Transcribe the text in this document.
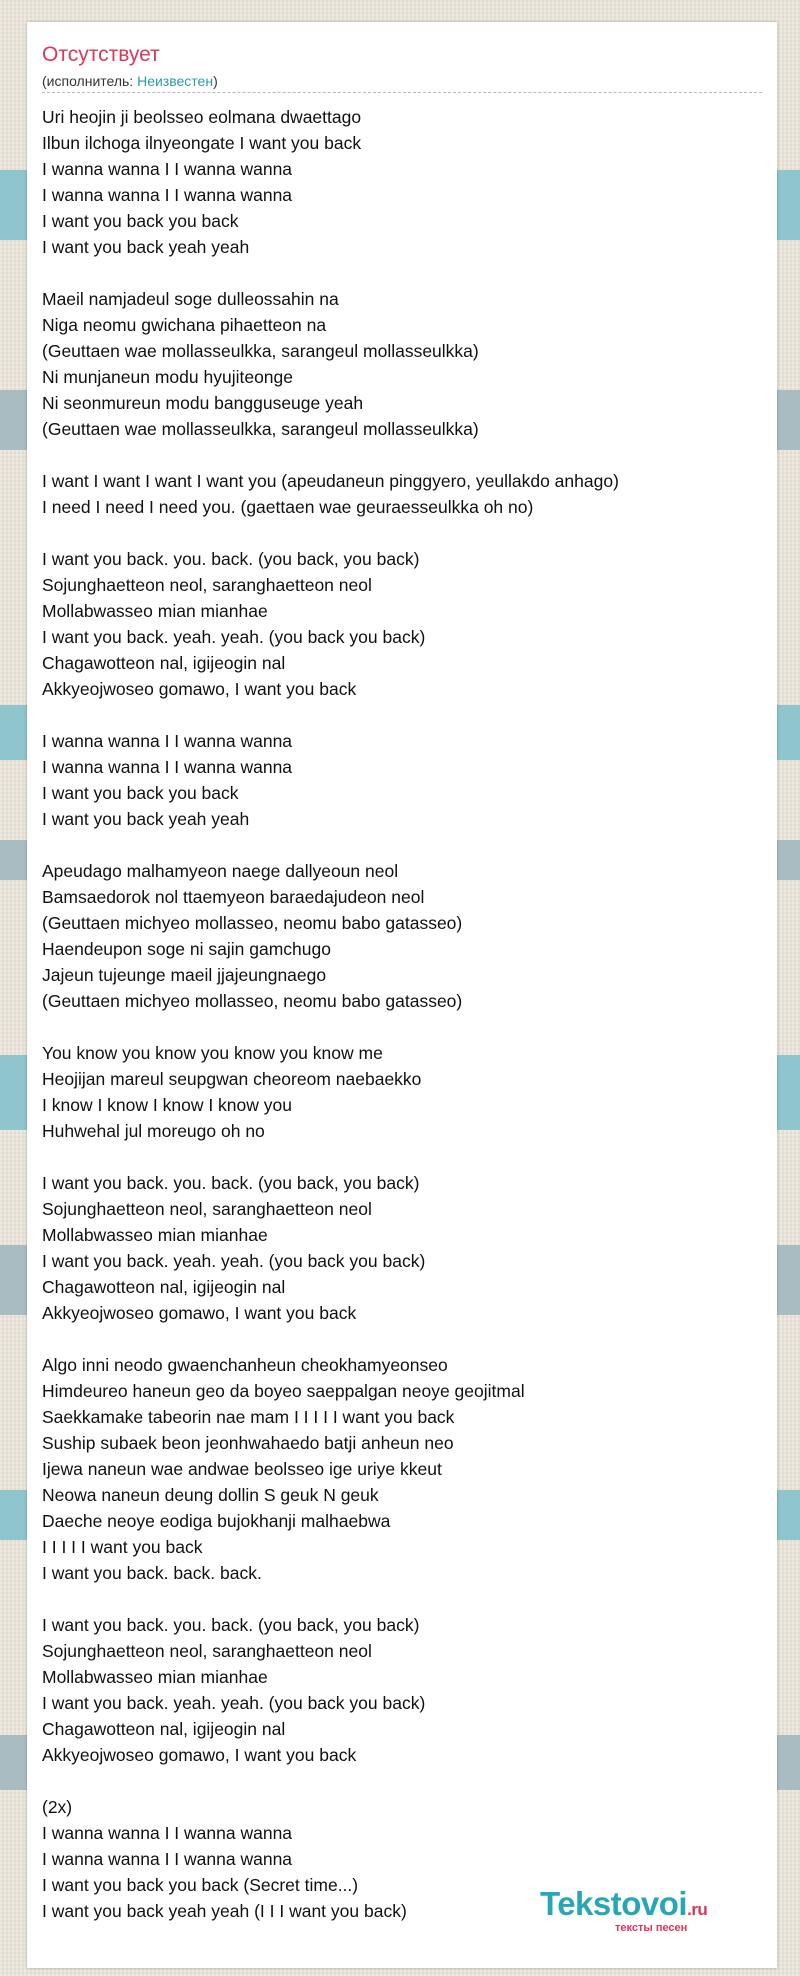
Отсутствует
(исполнитель: Неизвестен)
Uri heojin ji beolsseo eolmana dwaettago
Ilbun ilchoga ilnyeongate I want you back
I wanna wanna I I wanna wanna
I wanna wanna I I wanna wanna
I want you back you back
I want you back yeah yeah
Maeil namjadeul soge dulleossahin na
Niga neomu gwichana pihaetteon na
(Geuttaen wae mollasseulkka, sarangeul mollasseulkka)
Ni munjaneun modu hyujiteonge
Ni seonmureun modu bangguseuge yeah
(Geuttaen wae mollasseulkka, sarangeul mollasseulkka)
I want I want I want I want you (apeudaneun pinggyero, yeullakdo anhago)
I need I need I need you. (gaettaen wae geuraesseulkka oh no)
I want you back. you. back. (you back, you back)
Sojunghaetteon neol, saranghaetteon neol
Mollabwasseo mian mianhae
I want you back. yeah. yeah. (you back you back)
Chagawotteon nal, igijeogin nal
Akkyeojwoseo gomawo, I want you back
I wanna wanna I I wanna wanna
I wanna wanna I I wanna wanna
I want you back you back
I want you back yeah yeah
Apeudago malhamyeon naege dallyeoun neol
Bamsaedorok nol ttaemyeon baraedajudeon neol
(Geuttaen michyeo mollasseo, neomu babo gatasseo)
Haendeupon soge ni sajin gamchugo
Jajeun tujeunge maeil jjajeungnaego
(Geuttaen michyeo mollasseo, neomu babo gatasseo)
You know you know you know you know me
Heojijan mareul seupgwan cheoreom naebaekko
I know I know I know I know you
Huhwehal jul moreugo oh no
I want you back. you. back. (you back, you back)
Sojunghaetteon neol, saranghaetteon neol
Mollabwasseo mian mianhae
I want you back. yeah. yeah. (you back you back)
Chagawotteon nal, igijeogin nal
Akkyeojwoseo gomawo, I want you back
Algo inni neodo gwaenchanheun cheokhamyeonseo
Himdeureo haneun geo da boyeo saeppalgan neoye geojitmal
Saekkamake tabeorin nae mam I I I I I want you back
Suship subaek beon jeonhwahaedo batji anheun neo
Ijewa naneun wae andwae beolsseo ige uriye kkeut
Neowa naneun deung dollin S geuk N geuk
Daeche neoye eodiga bujokhanji malhaebwa
I I I I I want you back
I want you back. back. back.
I want you back. you. back. (you back, you back)
Sojunghaetteon neol, saranghaetteon neol
Mollabwasseo mian mianhae
I want you back. yeah. yeah. (you back you back)
Chagawotteon nal, igijeogin nal
Akkyeojwoseo gomawo, I want you back
(2x)
I wanna wanna I I wanna wanna
I wanna wanna I I wanna wanna
I want you back you back (Secret time...)
I want you back yeah yeah (I I I want you back)	Tekstovoi.ru
тексты песен
